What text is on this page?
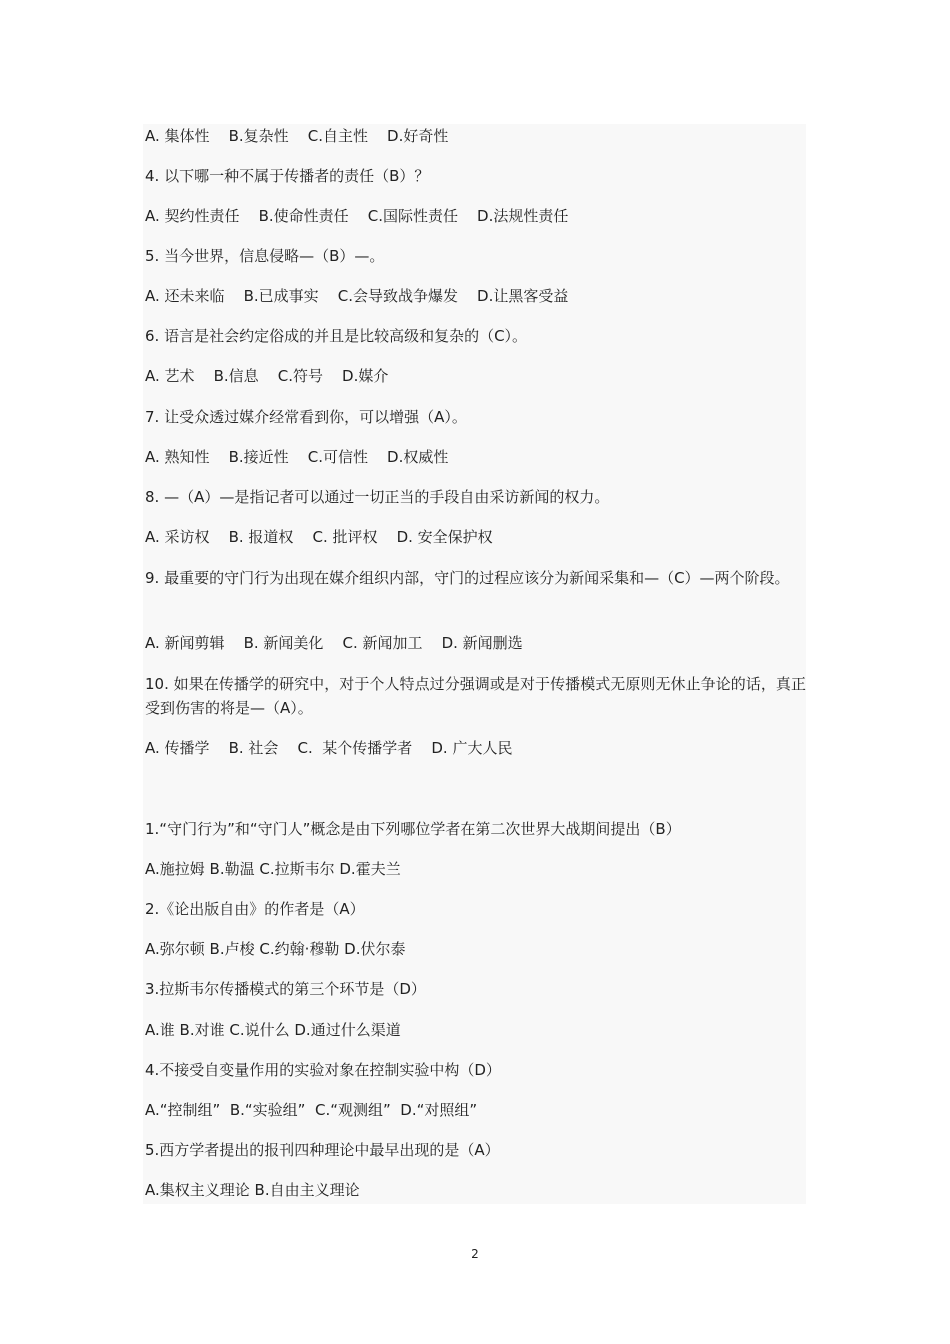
A. 集体性    B.复杂性    C.自主性    D.好奇性
4. 以下哪一种不属于传播者的责任（B）？
A. 契约性责任    B.使命性责任    C.国际性责任    D.法规性责任
5. 当今世界，信息侵略—（B）—。
A. 还未来临    B.已成事实    C.会导致战争爆发    D.让黑客受益
6. 语言是社会约定俗成的并且是比较高级和复杂的（C）。
A. 艺术    B.信息    C.符号    D.媒介
7. 让受众透过媒介经常看到你，可以增强（A）。
A. 熟知性    B.接近性    C.可信性    D.权威性
8. —（A）—是指记者可以通过一切正当的手段自由采访新闻的权力。
A. 采访权    B. 报道权    C. 批评权    D. 安全保护权
9. 最重要的守门行为出现在媒介组织内部，守门的过程应该分为新闻采集和—（C）—两个阶段。
A. 新闻剪辑    B. 新闻美化    C. 新闻加工    D. 新闻删选
10. 如果在传播学的研究中，对于个人特点过分强调或是对于传播模式无原则无休止争论的话，真正受到伤害的将是—（A）。
A. 传播学    B. 社会    C.  某个传播学者    D. 广大人民
1.“守门行为”和“守门人”概念是由下列哪位学者在第二次世界大战期间提出（B）
A.施拉姆 B.勒温 C.拉斯韦尔 D.霍夫兰
2.《论出版自由》的作者是（A）
A.弥尔顿 B.卢梭 C.约翰·穆勒 D.伏尔泰
3.拉斯韦尔传播模式的第三个环节是（D）
A.谁 B.对谁 C.说什么 D.通过什么渠道
4.不接受自变量作用的实验对象在控制实验中构（D）
A.“控制组”  B.“实验组”  C.“观测组”  D.“对照组”
5.西方学者提出的报刊四种理论中最早出现的是（A）
A.集权主义理论 B.自由主义理论
2
